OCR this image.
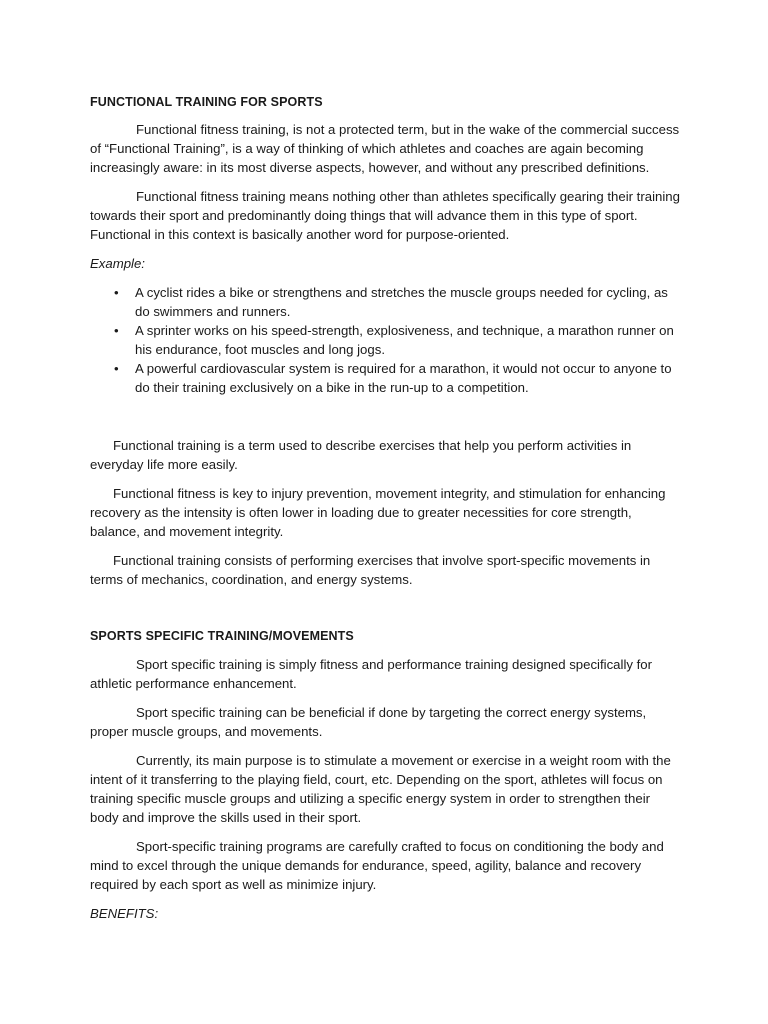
FUNCTIONAL TRAINING FOR SPORTS

Functional fitness training, is not a protected term, but in the wake of the commercial success of “Functional Training”, is a way of thinking of which athletes and coaches are again becoming increasingly aware: in its most diverse aspects, however, and without any prescribed definitions.

Functional fitness training means nothing other than athletes specifically gearing their training towards their sport and predominantly doing things that will advance them in this type of sport. Functional in this context is basically another word for purpose-oriented.

Example:

• A cyclist rides a bike or strengthens and stretches the muscle groups needed for cycling, as do swimmers and runners.
• A sprinter works on his speed-strength, explosiveness, and technique, a marathon runner on his endurance, foot muscles and long jogs.
• A powerful cardiovascular system is required for a marathon, it would not occur to anyone to do their training exclusively on a bike in the run-up to a competition.

Functional training is a term used to describe exercises that help you perform activities in everyday life more easily.

Functional fitness is key to injury prevention, movement integrity, and stimulation for enhancing recovery as the intensity is often lower in loading due to greater necessities for core strength, balance, and movement integrity.

Functional training consists of performing exercises that involve sport-specific movements in terms of mechanics, coordination, and energy systems.

SPORTS SPECIFIC TRAINING/MOVEMENTS

Sport specific training is simply fitness and performance training designed specifically for athletic performance enhancement.

Sport specific training can be beneficial if done by targeting the correct energy systems, proper muscle groups, and movements.

Currently, its main purpose is to stimulate a movement or exercise in a weight room with the intent of it transferring to the playing field, court, etc. Depending on the sport, athletes will focus on training specific muscle groups and utilizing a specific energy system in order to strengthen their body and improve the skills used in their sport.

Sport-specific training programs are carefully crafted to focus on conditioning the body and mind to excel through the unique demands for endurance, speed, agility, balance and recovery required by each sport as well as minimize injury.

BENEFITS:
